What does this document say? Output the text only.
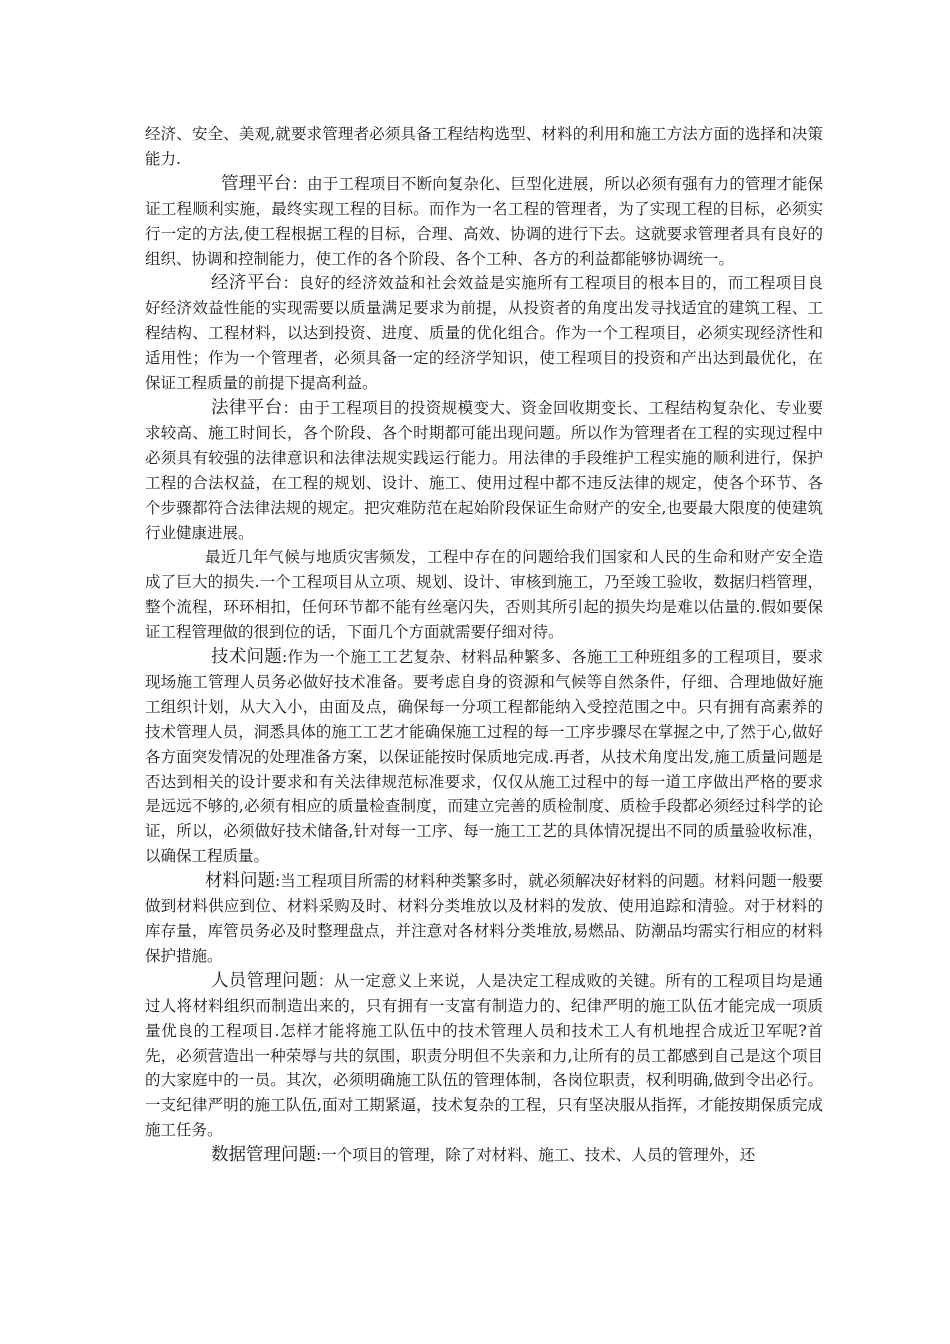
经济、安全、美观,就要求管理者必须具备工程结构选型、材料的利用和施工方法方面的选择和决策能力.

管理平台：由于工程项目不断向复杂化、巨型化进展，所以必须有强有力的管理才能保证工程顺利实施，最终实现工程的目标。而作为一名工程的管理者，为了实现工程的目标，必须实行一定的方法,使工程根据工程的目标，合理、高效、协调的进行下去。这就要求管理者具有良好的组织、协调和控制能力，使工作的各个阶段、各个工种、各方的利益都能够协调统一。

经济平台：良好的经济效益和社会效益是实施所有工程项目的根本目的，而工程项目良好经济效益性能的实现需要以质量满足要求为前提，从投资者的角度出发寻找适宜的建筑工程、工程结构、工程材料，以达到投资、进度、质量的优化组合。作为一个工程项目，必须实现经济性和适用性；作为一个管理者，必须具备一定的经济学知识，使工程项目的投资和产出达到最优化，在保证工程质量的前提下提高利益。

法律平台：由于工程项目的投资规模变大、资金回收期变长、工程结构复杂化、专业要求较高、施工时间长，各个阶段、各个时期都可能出现问题。所以作为管理者在工程的实现过程中必须具有较强的法律意识和法律法规实践运行能力。用法律的手段维护工程实施的顺利进行，保护工程的合法权益，在工程的规划、设计、施工、使用过程中都不违反法律的规定，使各个环节、各个步骤都符合法律法规的规定。把灾难防范在起始阶段保证生命财产的安全,也要最大限度的使建筑行业健康进展。

最近几年气候与地质灾害频发，工程中存在的问题给我们国家和人民的生命和财产安全造成了巨大的损失.一个工程项目从立项、规划、设计、审核到施工，乃至竣工验收，数据归档管理，整个流程，环环相扣，任何环节都不能有丝毫闪失，否则其所引起的损失均是难以估量的.假如要保证工程管理做的很到位的话，下面几个方面就需要仔细对待。

技术问题:作为一个施工工艺复杂、材料品种繁多、各施工工种班组多的工程项目，要求现场施工管理人员务必做好技术准备。要考虑自身的资源和气候等自然条件，仔细、合理地做好施工组织计划，从大入小，由面及点，确保每一分项工程都能纳入受控范围之中。只有拥有高素养的技术管理人员，洞悉具体的施工工艺才能确保施工过程的每一工序步骤尽在掌握之中,了然于心,做好各方面突发情况的处理准备方案，以保证能按时保质地完成.再者，从技术角度出发,施工质量问题是否达到相关的设计要求和有关法律规范标准要求，仅仅从施工过程中的每一道工序做出严格的要求是远远不够的,必须有相应的质量检查制度，而建立完善的质检制度、质检手段都必须经过科学的论证，所以，必须做好技术储备,针对每一工序、每一施工工艺的具体情况提出不同的质量验收标准，以确保工程质量。

材料问题:当工程项目所需的材料种类繁多时，就必须解决好材料的问题。材料问题一般要做到材料供应到位、材料采购及时、材料分类堆放以及材料的发放、使用追踪和清验。对于材料的库存量，库管员务必及时整理盘点，并注意对各材料分类堆放,易燃品、防潮品均需实行相应的材料保护措施。

人员管理问题：从一定意义上来说，人是决定工程成败的关键。所有的工程项目均是通过人将材料组织而制造出来的，只有拥有一支富有制造力的、纪律严明的施工队伍才能完成一项质量优良的工程项目.怎样才能将施工队伍中的技术管理人员和技术工人有机地捏合成近卫军呢?首先，必须营造出一种荣辱与共的氛围，职责分明但不失亲和力,让所有的员工都感到自己是这个项目的大家庭中的一员。其次，必须明确施工队伍的管理体制，各岗位职责，权利明确,做到令出必行。一支纪律严明的施工队伍,面对工期紧逼，技术复杂的工程，只有坚决服从指挥，才能按期保质完成施工任务。

数据管理问题:一个项目的管理，除了对材料、施工、技术、人员的管理外，还
